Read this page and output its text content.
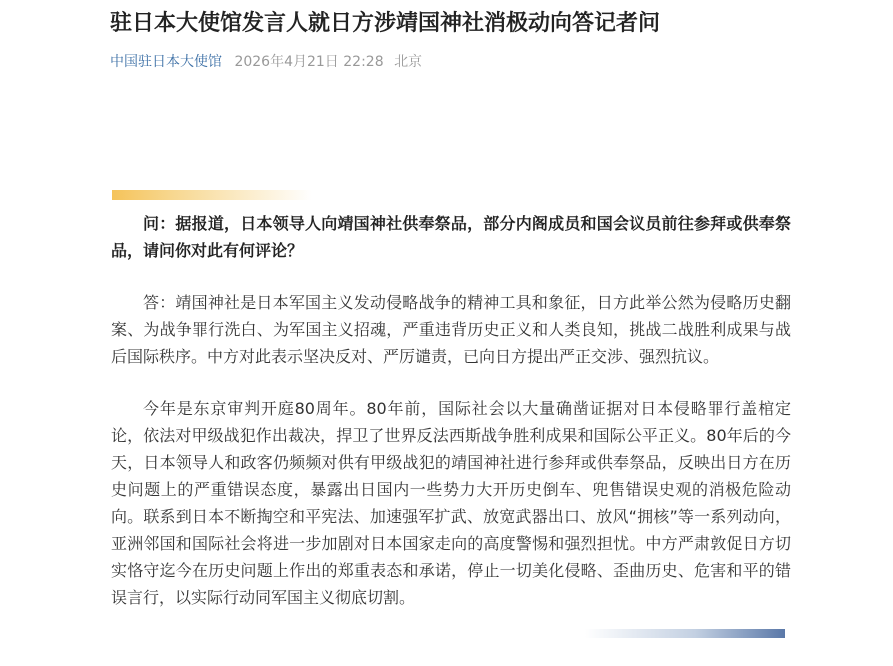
驻日本大使馆发言人就日方涉靖国神社消极动向答记者问
中国驻日本大使馆 2026年4月21日 22:28 北京

问：据报道，日本领导人向靖国神社供奉祭品，部分内阁成员和国会议员前往参拜或供奉祭品，请问你对此有何评论？

答：靖国神社是日本军国主义发动侵略战争的精神工具和象征，日方此举公然为侵略历史翻案、为战争罪行洗白、为军国主义招魂，严重违背历史正义和人类良知，挑战二战胜利成果与战后国际秩序。中方对此表示坚决反对、严厉谴责，已向日方提出严正交涉、强烈抗议。

今年是东京审判开庭80周年。80年前，国际社会以大量确凿证据对日本侵略罪行盖棺定论，依法对甲级战犯作出裁决，捍卫了世界反法西斯战争胜利成果和国际公平正义。80年后的今天，日本领导人和政客仍频频对供有甲级战犯的靖国神社进行参拜或供奉祭品，反映出日方在历史问题上的严重错误态度，暴露出日国内一些势力大开历史倒车、兜售错误史观的消极危险动向。联系到日本不断掏空和平宪法、加速强军扩武、放宽武器出口、放风“拥核”等一系列动向，亚洲邻国和国际社会将进一步加剧对日本国家走向的高度警惕和强烈担忧。中方严肃敦促日方切实恪守迄今在历史问题上作出的郑重表态和承诺，停止一切美化侵略、歪曲历史、危害和平的错误言行，以实际行动同军国主义彻底切割。
